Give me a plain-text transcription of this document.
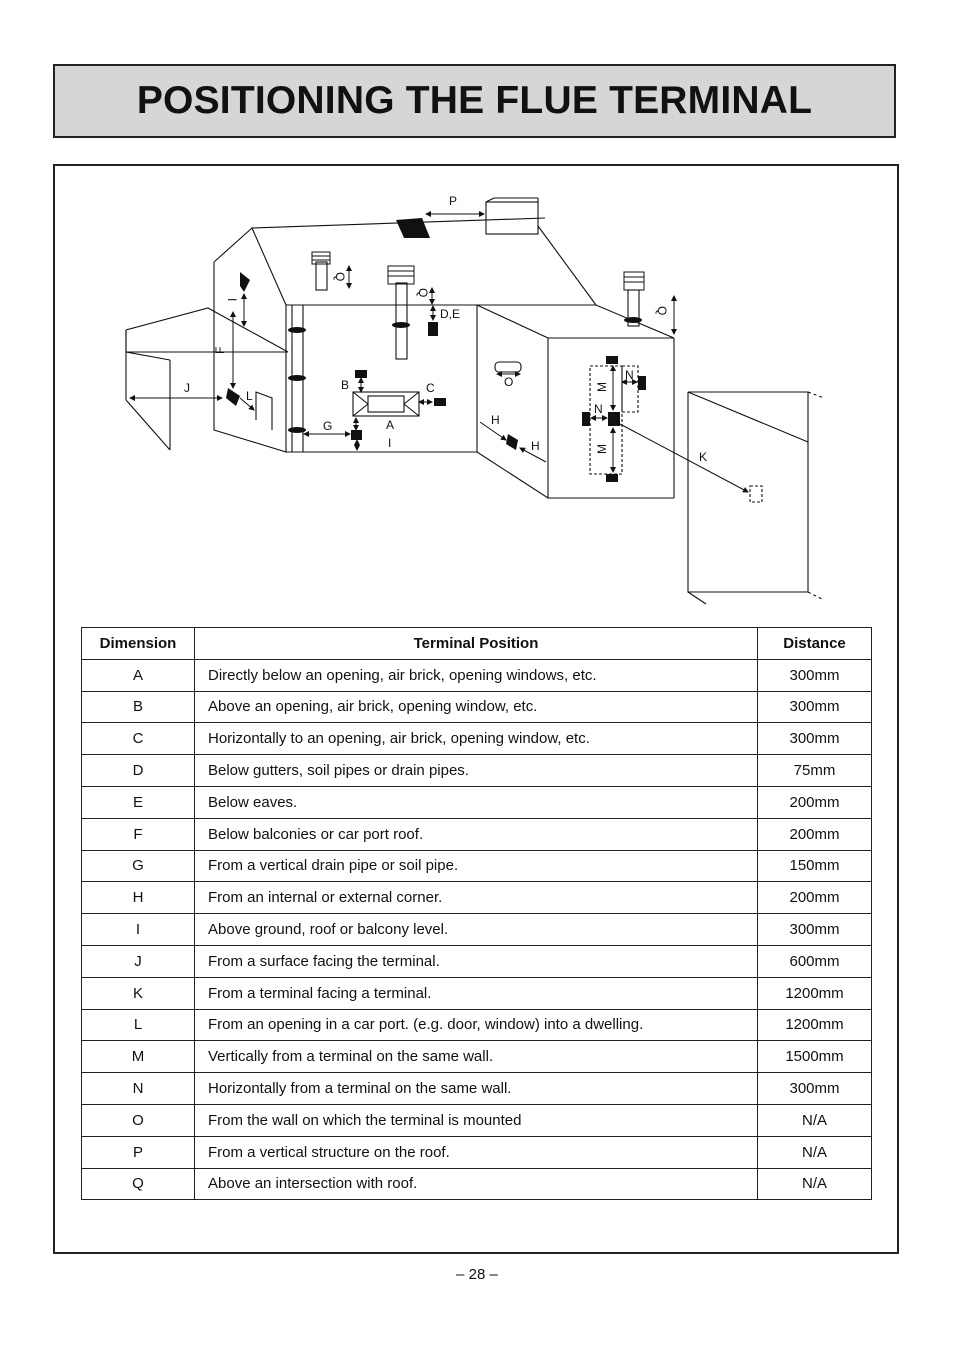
POSITIONING THE FLUE TERMINAL
P
Q
Q
Q
D,E
I
F
J
L
B	C
A
G
I
O
H
H
M
M
N
N
K
Dimension	Terminal Position	Distance
A	Directly below an opening, air brick, opening windows, etc.	300mm
B	Above an opening, air brick, opening window, etc.	300mm
C	Horizontally to an opening, air brick, opening window, etc.	300mm
D	Below gutters, soil pipes or drain pipes.	75mm
E	Below eaves.	200mm
F	Below balconies or car port roof.	200mm
G	From a vertical drain pipe or soil pipe.	150mm
H	From an internal or external corner.	200mm
I	Above ground, roof or balcony level.	300mm
J	From a surface facing the terminal.	600mm
K	From a terminal facing a terminal.	1200mm
L	From an opening in a car port. (e.g. door, window) into a dwelling.	1200mm
M	Vertically from a terminal on the same wall.	1500mm
N	Horizontally from a terminal on the same wall.	300mm
O	From the wall on which the terminal is mounted	N/A
P	From a vertical structure on the roof.	N/A
Q	Above an intersection with roof.	N/A
– 28 –
